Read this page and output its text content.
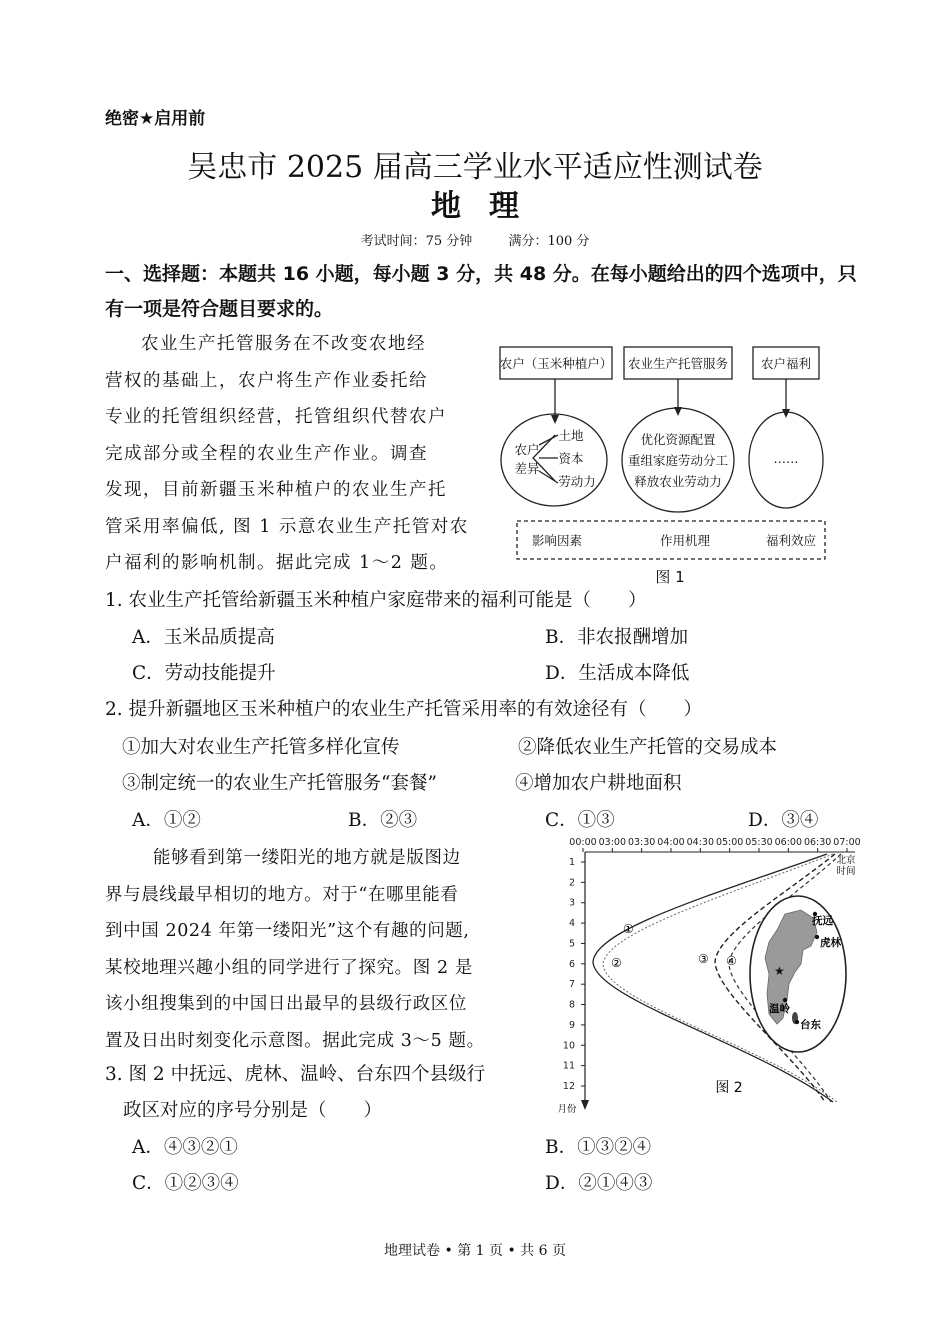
绝密★启用前
吴忠市 2025 届高三学业水平适应性测试卷
地理
考试时间：75 分钟	满分：100 分
一、选择题：本题共 16 小题，每小题 3 分，共 48 分。在每小题给出的四个选项中，只有一项是符合题目要求的。
农业生产托管服务在不改变农地经
营权的基础上，农户将生产作业委托给
专业的托管组织经营，托管组织代替农户
完成部分或全程的农业生产作业。调查
发现，目前新疆玉米种植户的农业生产托
管采用率偏低, 图 1 示意农业生产托管对农
户福利的影响机制。据此完成 1～2 题。
农户（玉米种植户） 农业生产托管服务	农户福利
农户
差异
土地
资本
劳动力
优化资源配置
重组家庭劳动分工
释放农业劳动力
……
影响因素	作用机理	福利效应
图 1
1. 农业生产托管给新疆玉米种植户家庭带来的福利可能是（　　）
A．玉米品质提高	B．非农报酬增加
C．劳动技能提升	D．生活成本降低
2. 提升新疆地区玉米种植户的农业生产托管采用率的有效途径有（　　）
①加大对农业生产托管多样化宣传	②降低农业生产托管的交易成本
③制定统一的农业生产托管服务“套餐”	④增加农户耕地面积
A．①②	B．②③	C．①③	D．③④
能够看到第一缕阳光的地方就是版图边
界与晨线最早相切的地方。对于“在哪里能看
到中国 2024 年第一缕阳光”这个有趣的问题,
某校地理兴趣小组的同学进行了探究。图 2 是
该小组搜集到的中国日出最早的县级行政区位
置及日出时刻变化示意图。据此完成 3～5 题。
00:00 03:00 03:30 04:00 04:30 05:00 05:30 06:00 06:30 07:00
1
2
3
4
5
6
7
8
9
10
11
12
北京
时间
月份
①
②	③ ④
★
抚远
虎林
温岭
台东
图 2
3. 图 2 中抚远、虎林、温岭、台东四个县级行
政区对应的序号分别是（　　）
A．④③②①	B．①③②④
C．①②③④	D．②①④③
地理试卷 • 第 1 页 • 共 6 页
